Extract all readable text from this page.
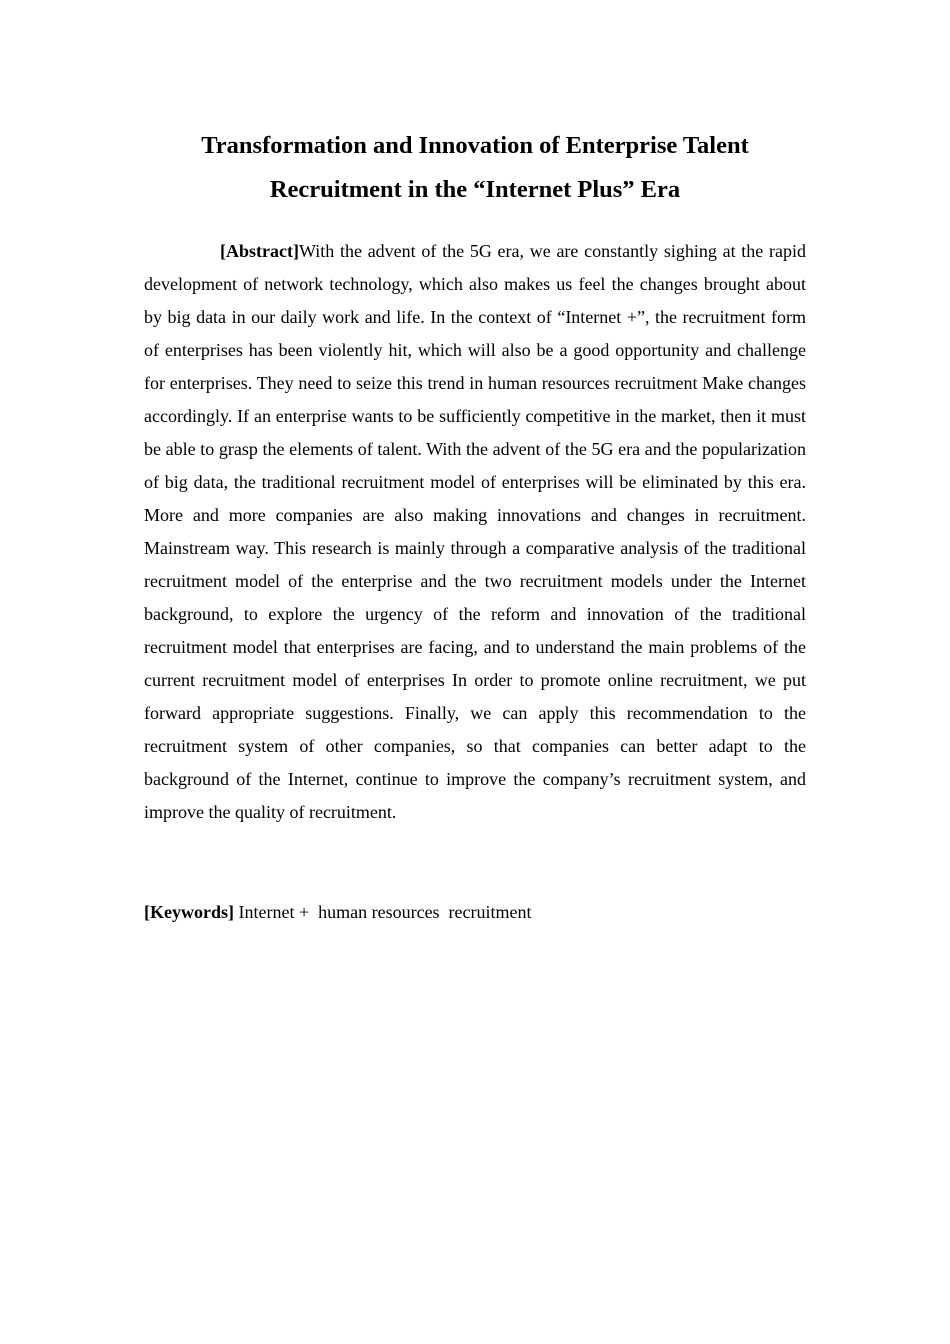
Transformation and Innovation of Enterprise Talent
Recruitment in the “Internet Plus” Era

[Abstract]With the advent of the 5G era, we are constantly sighing at the rapid development of network technology, which also makes us feel the changes brought about by big data in our daily work and life. In the context of “Internet +”, the recruitment form of enterprises has been violently hit, which will also be a good opportunity and challenge for enterprises. They need to seize this trend in human resources recruitment Make changes accordingly. If an enterprise wants to be sufficiently competitive in the market, then it must be able to grasp the elements of talent. With the advent of the 5G era and the popularization of big data, the traditional recruitment model of enterprises will be eliminated by this era. More and more companies are also making innovations and changes in recruitment. Mainstream way. This research is mainly through a comparative analysis of the traditional recruitment model of the enterprise and the two recruitment models under the Internet background, to explore the urgency of the reform and innovation of the traditional recruitment model that enterprises are facing, and to understand the main problems of the current recruitment model of enterprises In order to promote online recruitment, we put forward appropriate suggestions. Finally, we can apply this recommendation to the recruitment system of other companies, so that companies can better adapt to the background of the Internet, continue to improve the company’s recruitment system, and improve the quality of recruitment.

[Keywords] Internet +  human resources  recruitment
